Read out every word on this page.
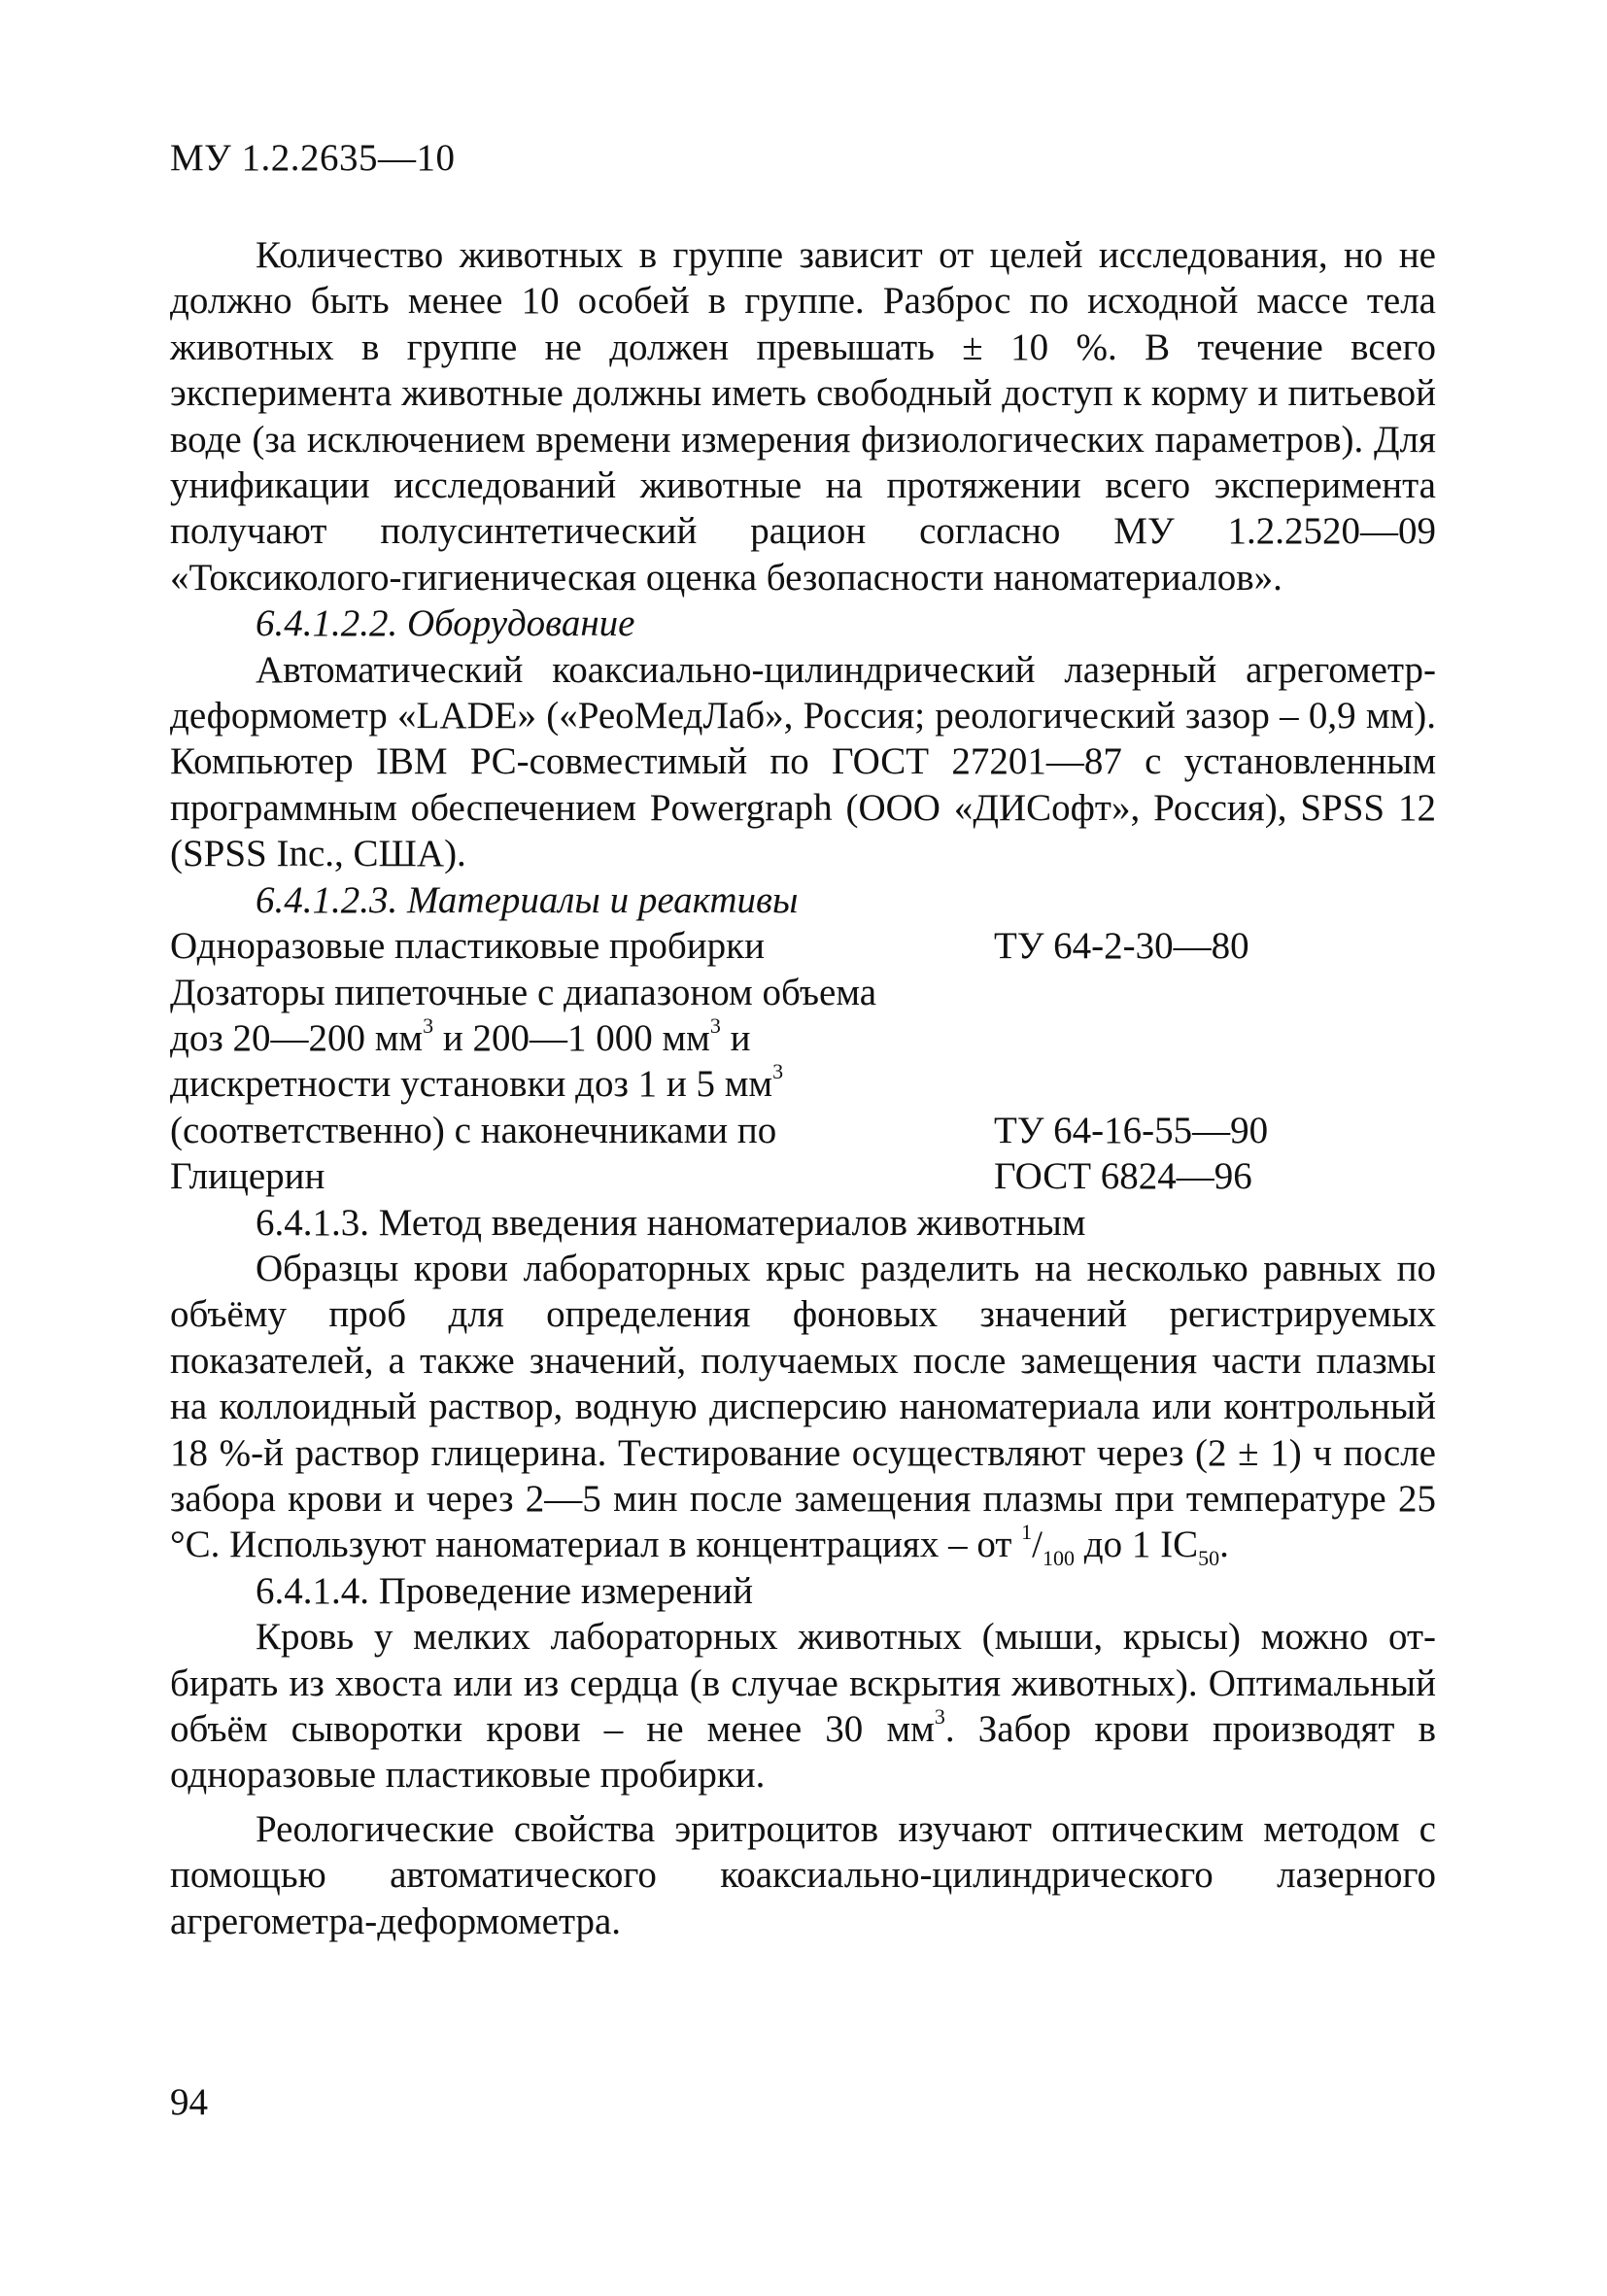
МУ 1.2.2635—10

Количество животных в группе зависит от целей исследования, но не должно быть менее 10 особей в группе. Разброс по исходной массе тела животных в группе не должен превышать ± 10 %. В течение всего эксперимента животные должны иметь свободный доступ к корму и питьевой воде (за исключением времени измерения физиологических параметров). Для унификации исследований животные на протяжении всего эксперимента получают полусинтетический рацион согласно МУ 1.2.2520—09 «Токсиколого-гигиеническая оценка безопасности наноматериалов».

6.4.1.2.2. Оборудование

Автоматический коаксиально-цилиндрический лазерный агрегометр-деформометр «LADE» («РеоМедЛаб», Россия; реологический зазор – 0,9 мм). Компьютер IBM PC-совместимый по ГОСТ 27201—87 с установленным программным обеспечением Powergraph (ООО «ДИСофт», Россия), SPSS 12 (SPSS Inc., США).

6.4.1.2.3. Материалы и реактивы

Одноразовые пластиковые пробирки	ТУ 64-2-30—80
Дозаторы пипеточные с диапазоном объема
доз 20—200 $мм^3$ и 200—1 000 $мм^3$ и
дискретности установки доз 1 и 5 $мм^3$
(соответственно) с наконечниками по	ТУ 64-16-55—90
Глицерин	ГОСТ 6824—96

6.4.1.3. Метод введения наноматериалов животным

Образцы крови лабораторных крыс разделить на несколько равных по объёму проб для определения фоновых значений регистрируемых показателей, а также значений, получаемых после замещения части плазмы на коллоидный раствор, водную дисперсию наноматериала или контрольный 18 %-й раствор глицерина. Тестирование осуществляют через (2 ± 1) ч после забора крови и через 2—5 мин после замещения плазмы при температуре 25 °С. Используют наноматериал в концентрациях – от $^1/_{100}$ до 1 $IC_{50}$.

6.4.1.4. Проведение измерений

Кровь у мелких лабораторных животных (мыши, крысы) можно отбирать из хвоста или из сердца (в случае вскрытия животных). Оптимальный объём сыворотки крови – не менее 30 $мм^3$. Забор крови производят в одноразовые пластиковые пробирки.

Реологические свойства эритроцитов изучают оптическим методом с помощью автоматического коаксиально-цилиндрического лазерного агрегометра-деформометра.

94
